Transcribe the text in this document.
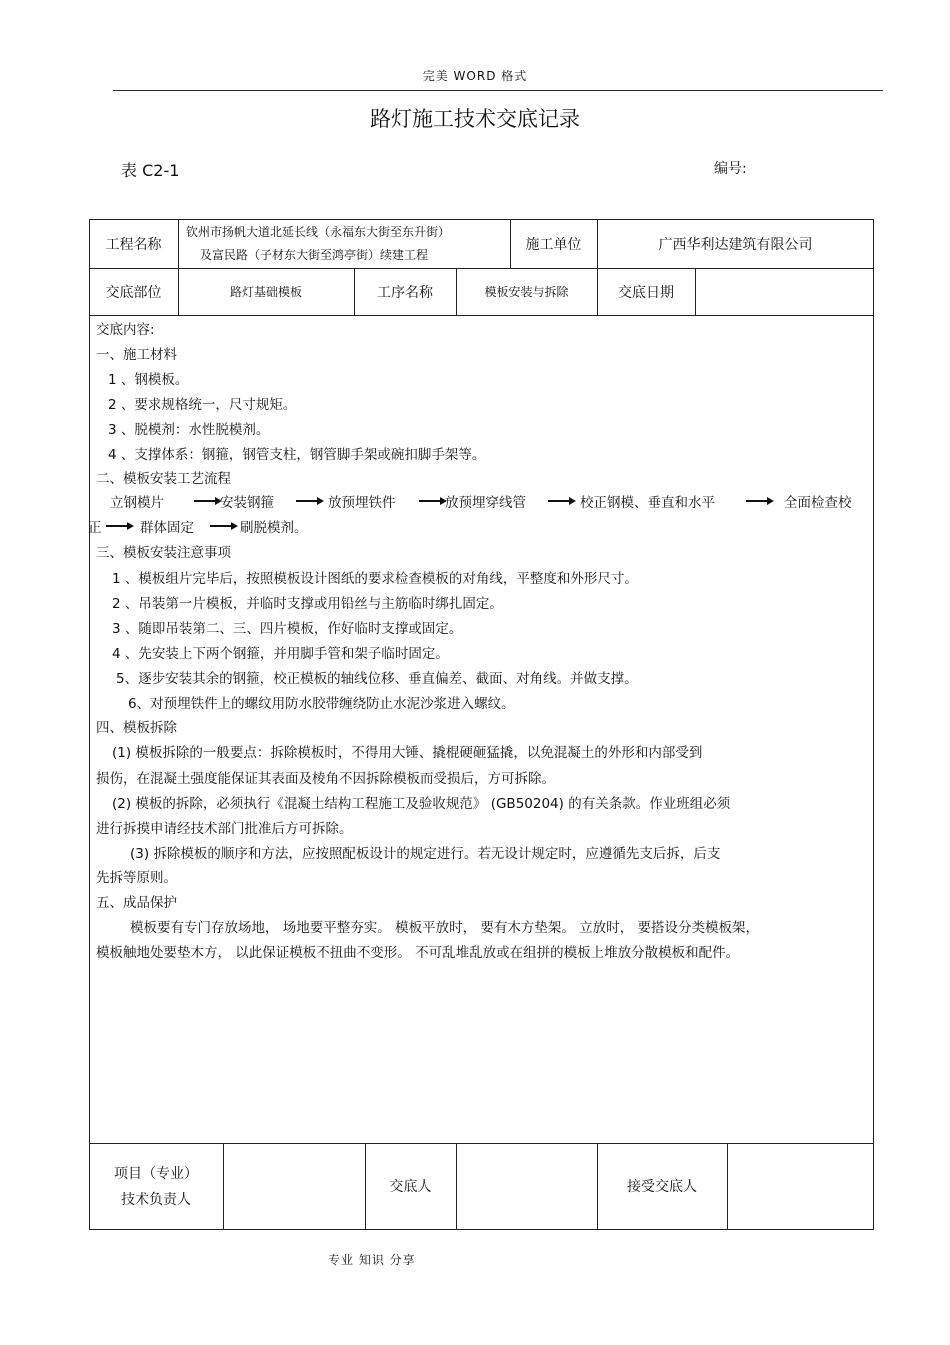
完美 WORD 格式
路灯施工技术交底记录
表 C2-1	编号:
工程名称
钦州市扬帆大道北延长线（永福东大街至东升街）
及富民路（子材东大街至鸿亭街）续建工程
施工单位	广西华利达建筑有限公司
交底部位	路灯基础模板	工序名称	模板安装与拆除	交底日期
交底内容:
一、施工材料
1 、钢模板。
2 、要求规格统一，尺寸规矩。
3 、脱模剂：水性脱模剂。
4 、支撑体系：钢箍，钢管支柱，钢管脚手架或碗扣脚手架等。
二、模板安装工艺流程
立钢模片	安装钢箍	放预埋铁件	放预埋穿线管	校正钢模、垂直和水平	全面检查校
正	群体固定	刷脱模剂。
三、模板安装注意事项
1 、模板组片完毕后，按照模板设计图纸的要求检查模板的对角线，平整度和外形尺寸。
2 、吊装第一片模板，并临时支撑或用铅丝与主筋临时绑扎固定。
3 、随即吊装第二、三、四片模板，作好临时支撑或固定。
4 、先安装上下两个钢箍，并用脚手管和架子临时固定。
5、逐步安装其余的钢箍，校正模板的轴线位移、垂直偏差、截面、对角线。并做支撑。
6、对预埋铁件上的螺纹用防水胶带缠绕防止水泥沙浆进入螺纹。
四、模板拆除
(1) 模板拆除的一般要点：拆除模板时，不得用大锤、撬棍硬砸猛撬，以免混凝土的外形和内部受到
损伤，在混凝土强度能保证其表面及棱角不因拆除模板而受损后，方可拆除。
(2) 模板的拆除，必须执行《混凝土结构工程施工及验收规范》 (GB50204) 的有关条款。作业班组必须
进行拆摸申请经技术部门批准后方可拆除。
(3) 拆除模板的顺序和方法，应按照配板设计的规定进行。若无设计规定时，应遵循先支后拆，后支
先拆等原则。
五、成品保护
模板要有专门存放场地， 场地要平整夯实。 模板平放时， 要有木方垫架。 立放时， 要搭设分类模板架，
模板触地处要垫木方， 以此保证模板不扭曲不变形。 不可乱堆乱放或在组拼的模板上堆放分散模板和配件。
项目（专业）
技术负责人
交底人	接受交底人
专业 知识 分享
